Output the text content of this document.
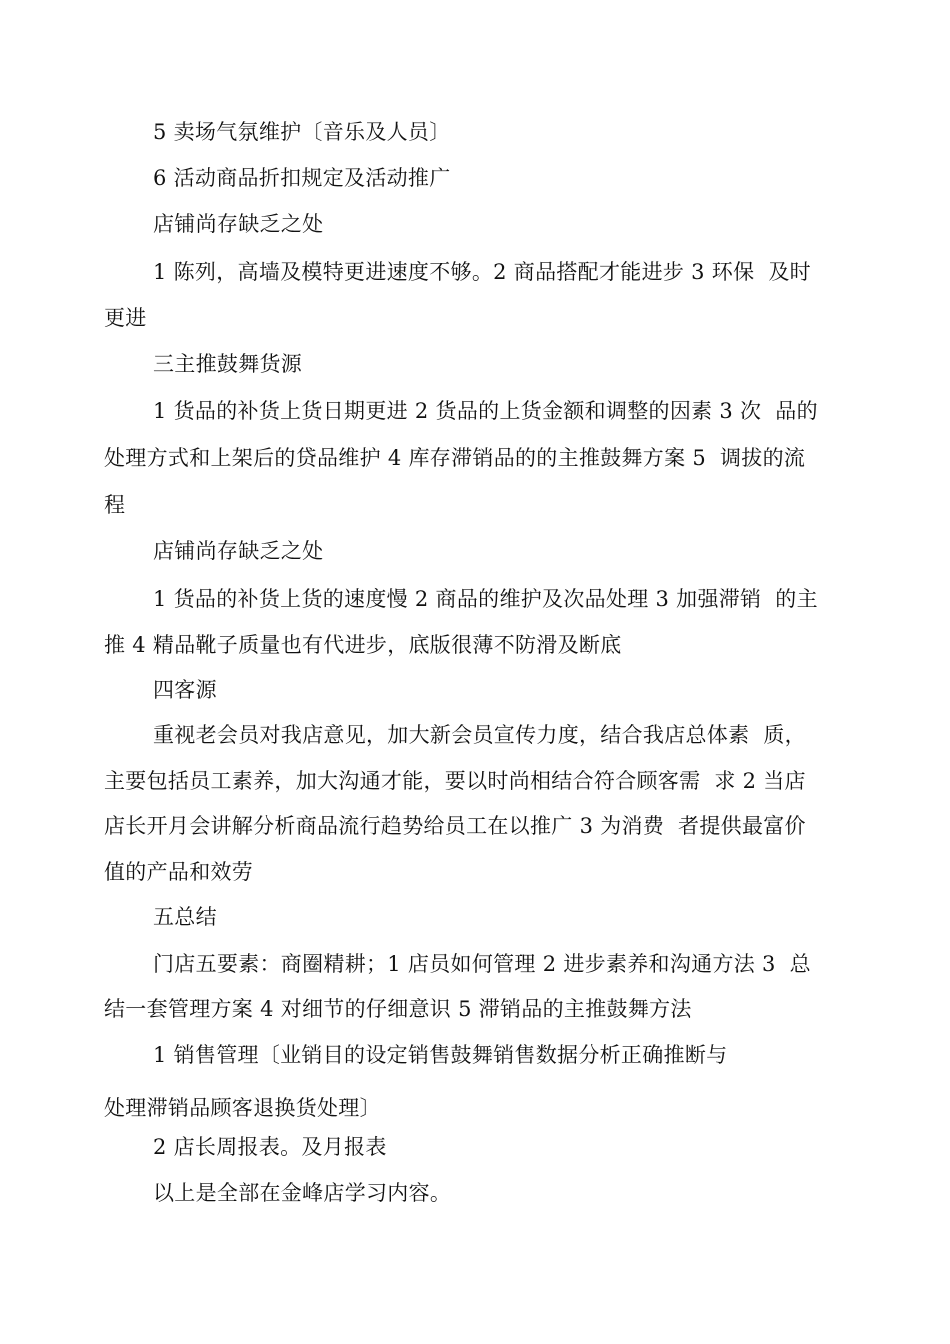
5 卖场气氛维护〔音乐及人员〕
6 活动商品折扣规定及活动推广
店铺尚存缺乏之处
1 陈列，高墙及模特更进速度不够。2 商品搭配才能进步 3 环保  及时
更进
三主推鼓舞货源
1 货品的补货上货日期更进 2 货品的上货金额和调整的因素 3 次  品的
处理方式和上架后的贷品维护 4 库存滞销品的的主推鼓舞方案 5  调拔的流
程
店铺尚存缺乏之处
1 货品的补货上货的速度慢 2 商品的维护及次品处理 3 加强滞销  的主
推 4 精品靴子质量也有代进步，底版很薄不防滑及断底
四客源
重视老会员对我店意见，加大新会员宣传力度，结合我店总体素  质，
主要包括员工素养，加大沟通才能，要以时尚相结合符合顾客需  求 2 当店
店长开月会讲解分析商品流行趋势给员工在以推广 3 为消费  者提供最富价
值的产品和效劳
五总结
门店五要素：商圈精耕；1 店员如何管理 2 进步素养和沟通方法 3  总
结一套管理方案 4 对细节的仔细意识 5 滞销品的主推鼓舞方法
1 销售管理〔业销目的设定销售鼓舞销售数据分析正确推断与
处理滞销品顾客退换货处理〕
2 店长周报表。及月报表
以上是全部在金峰店学习内容。
